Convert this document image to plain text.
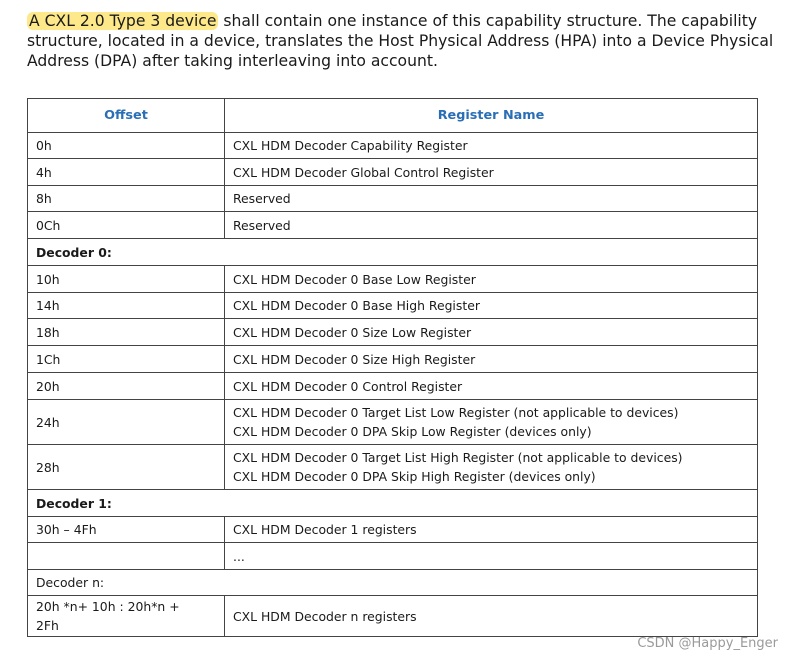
A CXL 2.0 Type 3 device shall contain one instance of this capability structure. The capability structure, located in a device, translates the Host Physical Address (HPA) into a Device Physical Address (DPA) after taking interleaving into account.

Offset	Register Name
0h	CXL HDM Decoder Capability Register
4h	CXL HDM Decoder Global Control Register
8h	Reserved
0Ch	Reserved
Decoder 0:	
10h	CXL HDM Decoder 0 Base Low Register
14h	CXL HDM Decoder 0 Base High Register
18h	CXL HDM Decoder 0 Size Low Register
1Ch	CXL HDM Decoder 0 Size High Register
20h	CXL HDM Decoder 0 Control Register
24h	CXL HDM Decoder 0 Target List Low Register (not applicable to devices)
CXL HDM Decoder 0 DPA Skip Low Register (devices only)

28h	CXL HDM Decoder 0 Target List High Register (not applicable to devices)
CXL HDM Decoder 0 DPA Skip High Register (devices only)

Decoder 1:	
30h – 4Fh	CXL HDM Decoder 1 registers
	...
Decoder n:	

20h *n+ 10h : 20h*n +
2Fh	CXL HDM Decoder n registers
CSDN @Happy_Enger
